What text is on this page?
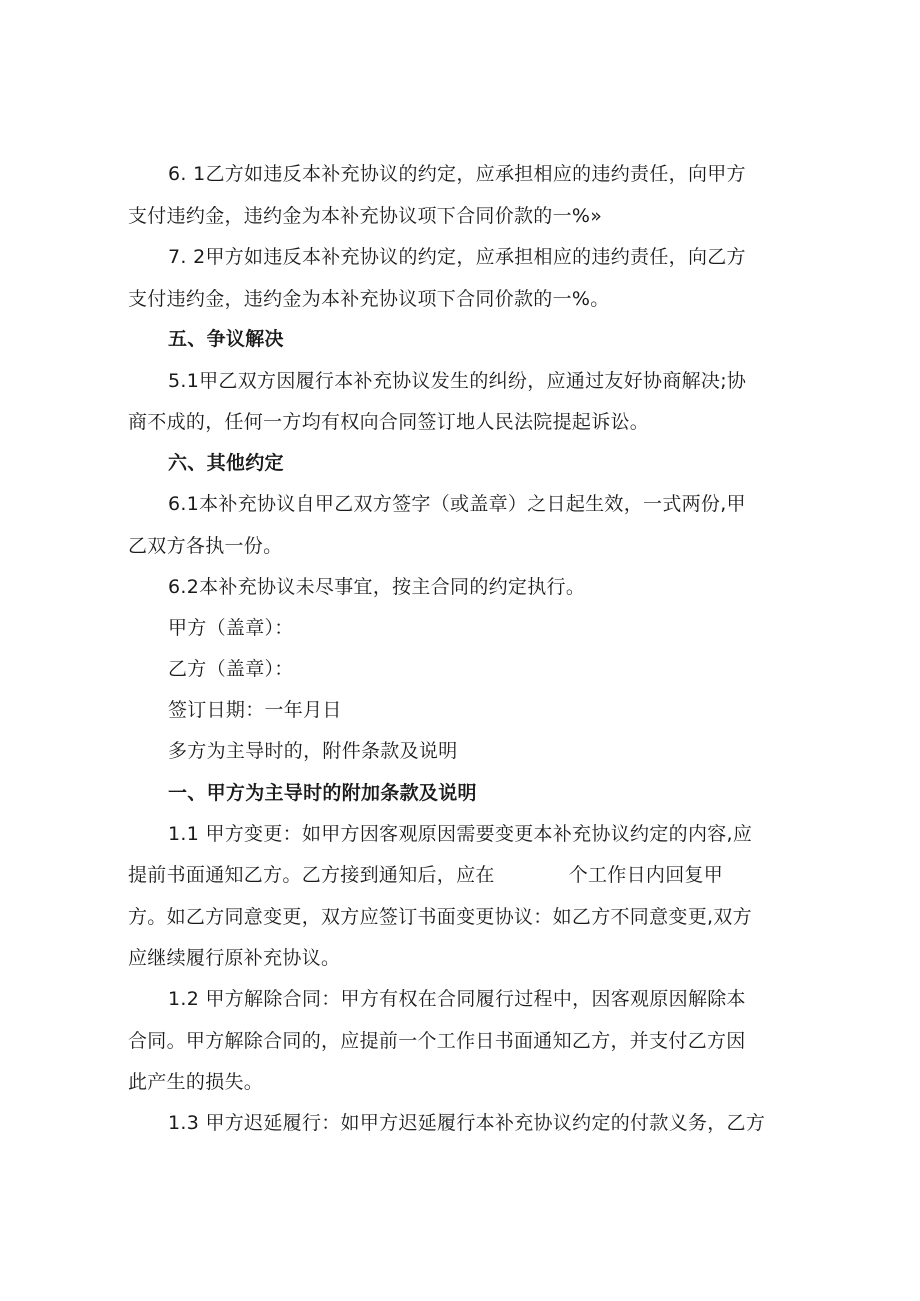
6. 1乙方如违反本补充协议的约定，应承担相应的违约责任，向甲方
支付违约金，违约金为本补充协议项下合同价款的一%»
7. 2甲方如违反本补充协议的约定，应承担相应的违约责任，向乙方
支付违约金，违约金为本补充协议项下合同价款的一%。
五、争议解决
5.1甲乙双方因履行本补充协议发生的纠纷，应通过友好协商解决;协
商不成的，任何一方均有权向合同签订地人民法院提起诉讼。
六、其他约定
6.1本补充协议自甲乙双方签字（或盖章）之日起生效，一式两份,甲
乙双方各执一份。
6.2本补充协议未尽事宜，按主合同的约定执行。
甲方（盖章）：
乙方（盖章）：
签订日期：一年月日
多方为主导时的，附件条款及说明
一、甲方为主导时的附加条款及说明
1.1 甲方变更：如甲方因客观原因需要变更本补充协议约定的内容,应
提前书面通知乙方。乙方接到通知后，应在	个工作日内回复甲
方。如乙方同意变更，双方应签订书面变更协议：如乙方不同意变更,双方
应继续履行原补充协议。
1.2 甲方解除合同：甲方有权在合同履行过程中，因客观原因解除本
合同。甲方解除合同的，应提前一个工作日书面通知乙方，并支付乙方因
此产生的损失。
1.3 甲方迟延履行：如甲方迟延履行本补充协议约定的付款义务，乙方
